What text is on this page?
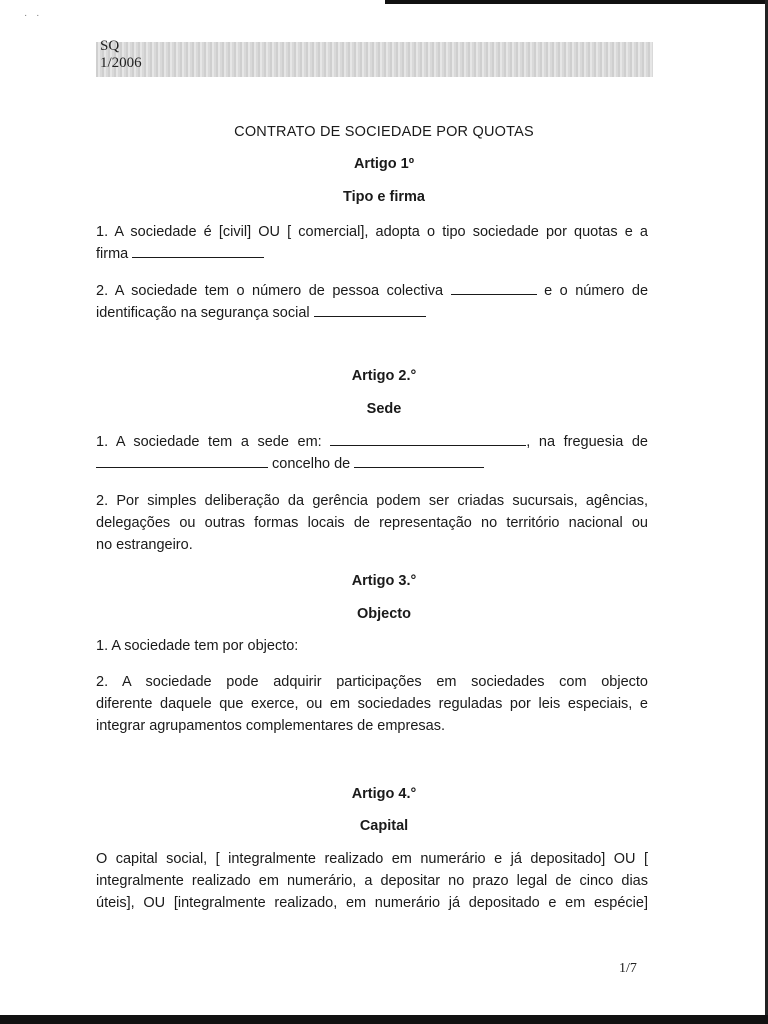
· ·
SQ
1/2006
CONTRATO DE SOCIEDADE POR QUOTAS
Artigo 1º
Tipo e firma
1. A sociedade é [civil] OU [ comercial], adopta o tipo sociedade por quotas e a
firma
2. A sociedade tem o número de pessoa colectiva	e o número de
identificação na segurança social
Artigo 2.°
Sede
1. A sociedade tem a sede em:	, na freguesia de
concelho de
2. Por simples deliberação da gerência podem ser criadas sucursais, agências,
delegações ou outras formas locais de representação no território nacional ou
no estrangeiro.
Artigo 3.°
Objecto
1. A sociedade tem por objecto:
2. A sociedade pode adquirir participações em sociedades com objecto
diferente daquele que exerce, ou em sociedades reguladas por leis especiais, e
integrar agrupamentos complementares de empresas.
Artigo 4.°
Capital
O capital social, [ integralmente realizado em numerário e já depositado] OU [
integralmente realizado em numerário, a depositar no prazo legal de cinco dias
úteis], OU [integralmente realizado, em numerário já depositado e em espécie]
1/7
